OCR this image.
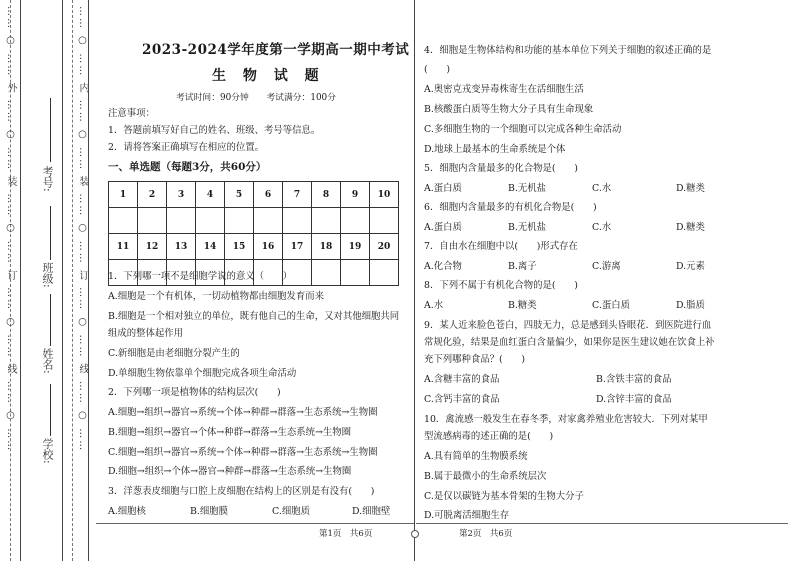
…… ○ …… 外 …… ○ …… 装 …… ○ …… 订 …… ○ …… 线 …… ○ ……	…… ○ …… 内 …… ○ …… 装 …… ○ …… 订 …… ○ …… 线 …… ○ ……
考号:
班级:
姓名:
学校:
2023-2024学年度第一学期高一期中考试
生 物 试 题
考试时间：90分钟　　考试满分：100分
注意事项：
1．答题前填写好自己的姓名、班级、考号等信息。
2．请将答案正确填写在相应的位置。
一、单选题（每题3分，共60分）
1	2	3	4	5	6	7	8	9	10

11	12	13	14	15	16	17	18	19	20

1．下列哪一项不是细胞学说的意义（　　）
A.细胞是一个有机体，一切动植物都由细胞发育而来
B.细胞是一个相对独立的单位，既有他自己的生命，又对其他细胞共同
组成的整体起作用
C.新细胞是由老细胞分裂产生的
D.单细胞生物依靠单个细胞完成各项生命活动
2．下列哪一项是植物体的结构层次(　　)
A.细胞→组织→器官→系统→个体→种群→群落→生态系统→生物圈
B.细胞→组织→器官→个体→种群→群落→生态系统→生物圈
C.细胞→组织→器官→系统→个体→种群→群落→生态系统→生物圈
D.细胞→组织→个体→器官→种群→群落→生态系统→生物圈
3．洋葱表皮细胞与口腔上皮细胞在结构上的区别是有没有(　　)
A.细胞核	B.细胞膜	C.细胞质	D.细胞壁
第1页　共6页
4．细胞是生物体结构和功能的基本单位下列关于细胞的叙述正确的是
(　　)
A.奥密克戎变异毒株寄生在活细胞生活
B.核酸蛋白质等生物大分子具有生命现象
C.多细胞生物的一个细胞可以完成各种生命活动
D.地球上最基本的生命系统是个体
5．细胞内含量最多的化合物是(　　)
A.蛋白质	B.无机盐	C.水	D.糖类
6．细胞内含量最多的有机化合物是(　　)
A.蛋白质	B.无机盐	C.水	D.糖类
7．自由水在细胞中以(　　)形式存在
A.化合物	B.离子	C.游离	D.元素
8．下列不属于有机化合物的是(　　)
A.水	B.糖类	C.蛋白质	D.脂质
9．某人近来脸色苍白，四肢无力，总是感到头昏眼花．到医院进行血
常规化验，结果是血红蛋白含量偏少，如果你是医生建议她在饮食上补
充下列哪种食品？(　　)
A.含糖丰富的食品	B.含铁丰富的食品
C.含钙丰富的食品	D.含锌丰富的食品
10．禽流感一般发生在春冬季，对家禽养殖业危害较大．下列对某甲
型流感病毒的述正确的是(　　)
A.具有简单的生物膜系统
B.属于最微小的生命系统层次
C.是仅以碳链为基本骨架的生物大分子
D.可脱离活细胞生存
第2页　共6页
